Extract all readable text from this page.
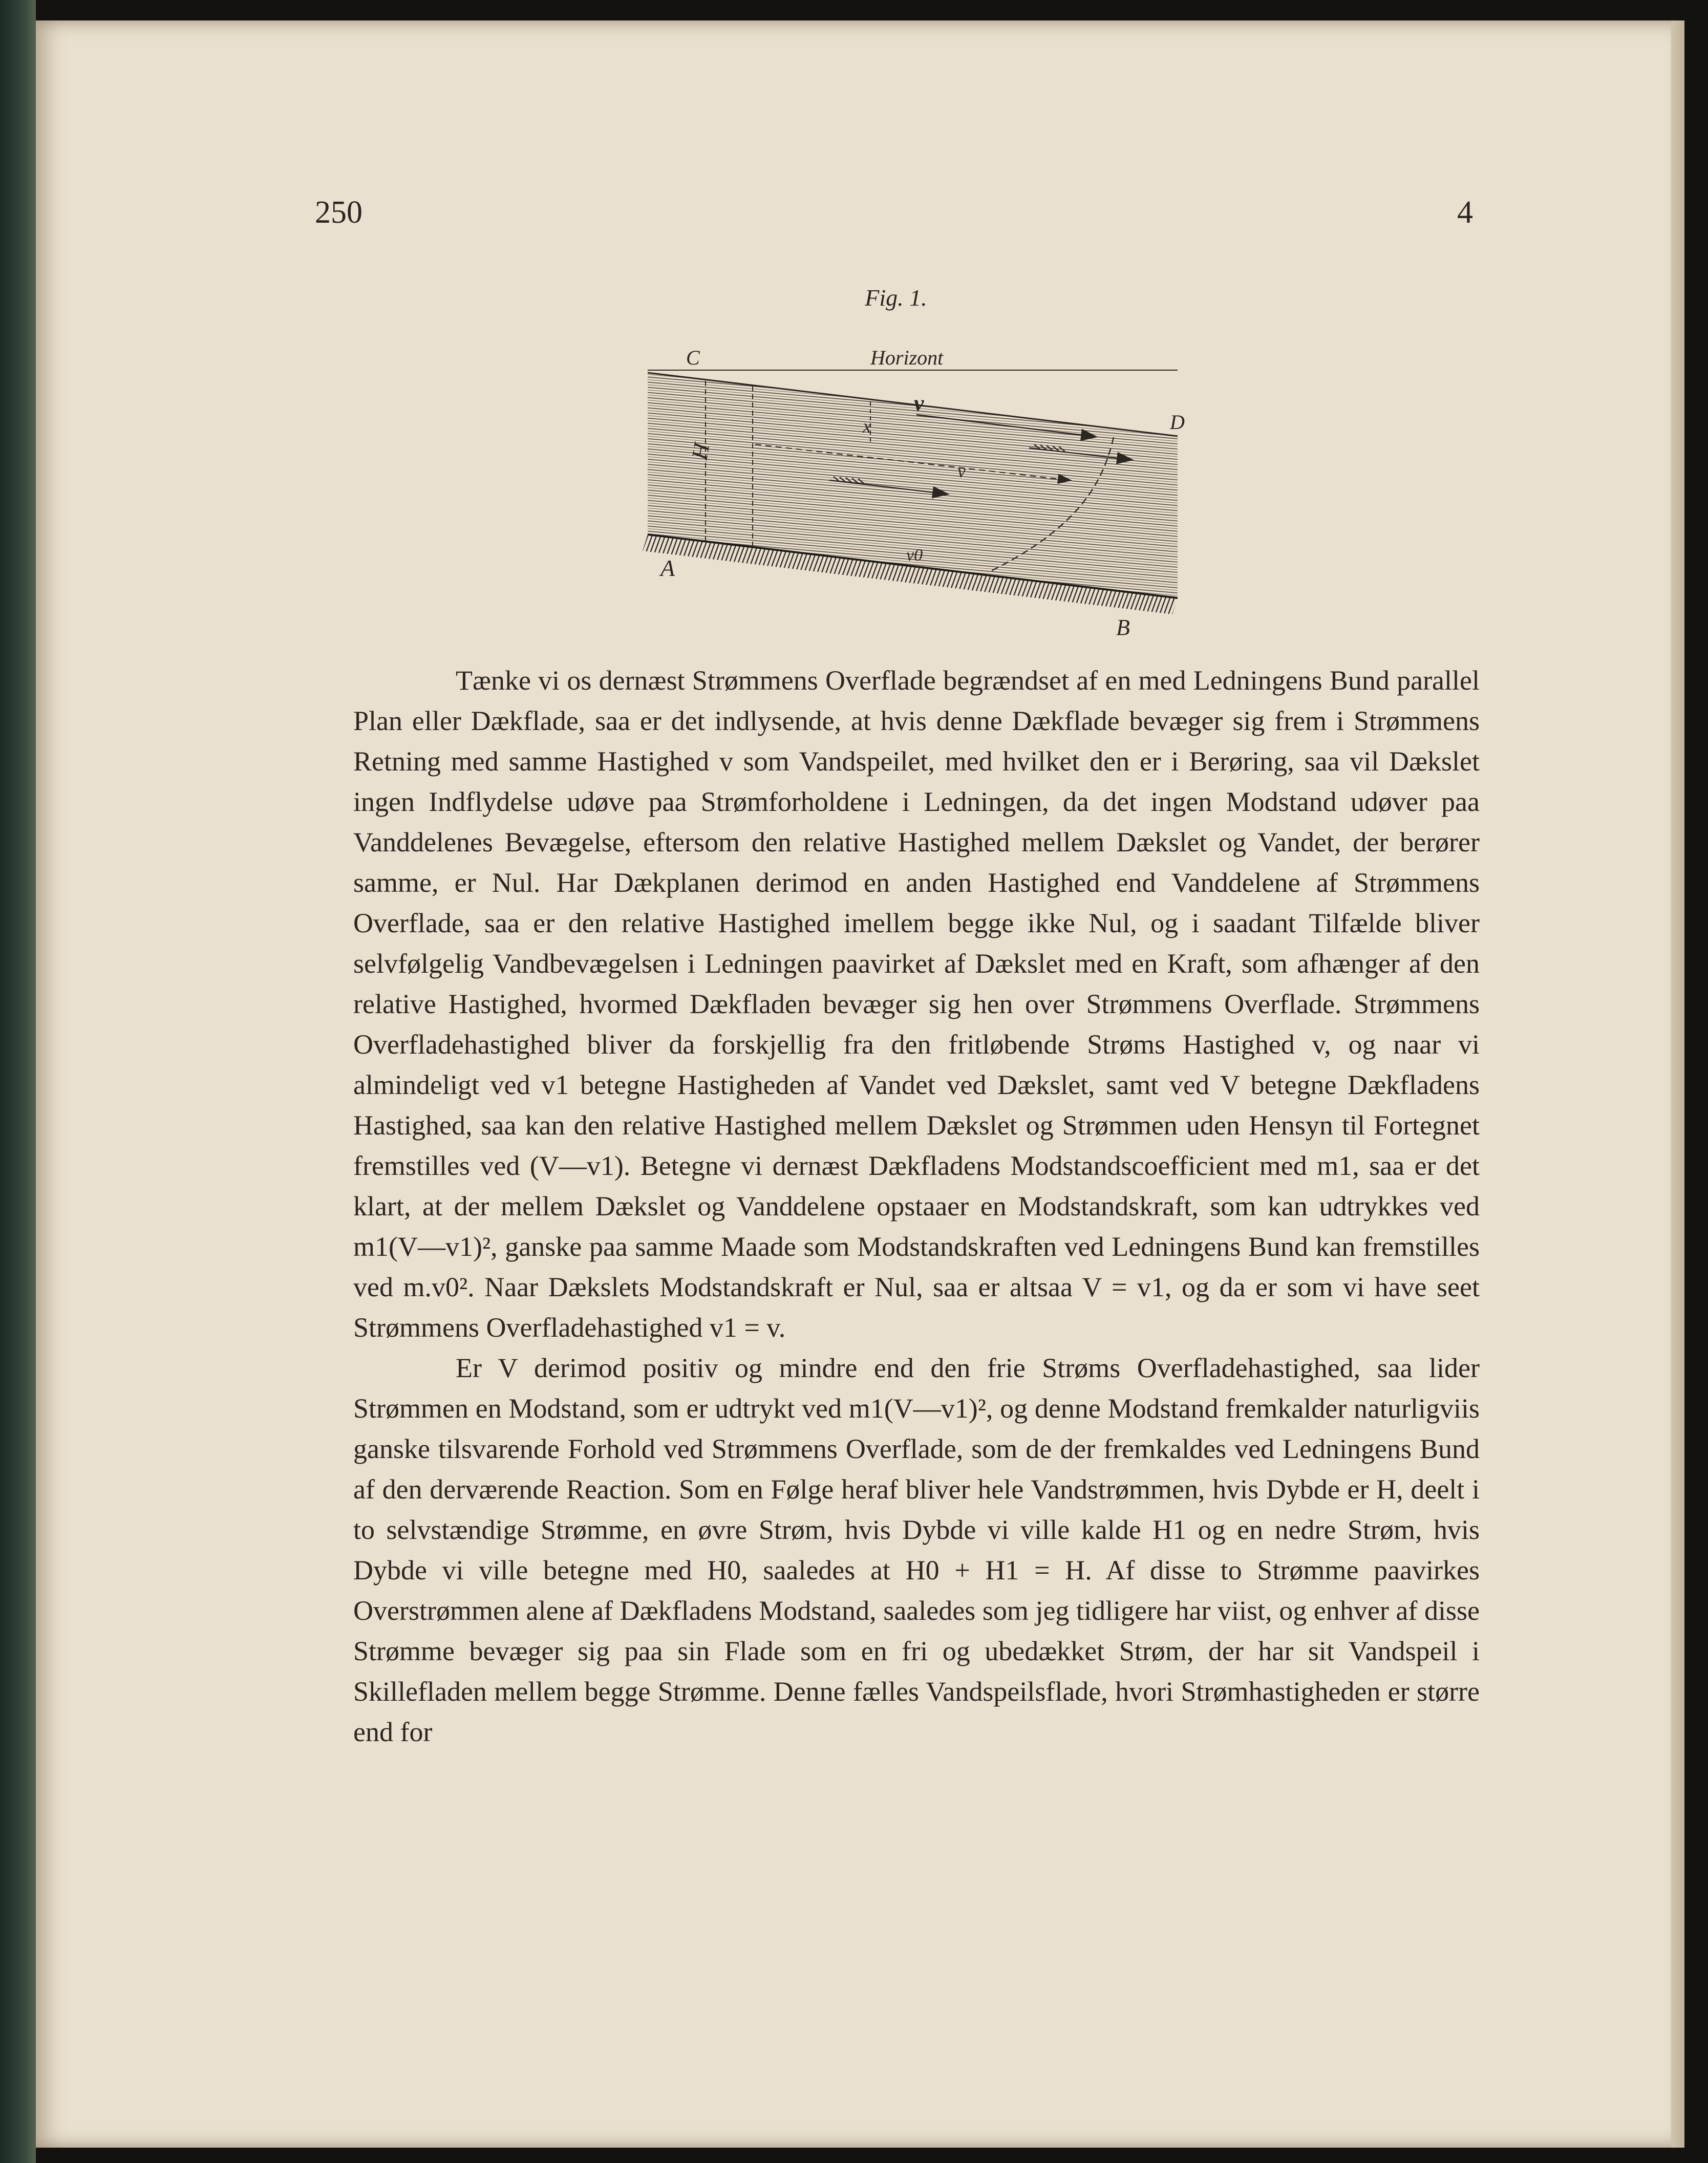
250	4
Fig. 1.
C	Horizont
D
A
B
H
x
v
v
v0

Tænke vi os dernæst Strømmens Overflade begrændset af en med Ledningens Bund parallel Plan eller Dækflade, saa er det indlysende, at hvis denne Dækflade bevæger sig frem i Strømmens Retning med samme Hastighed v som Vandspeilet, med hvilket den er i Berøring, saa vil Dækslet ingen Indflydelse udøve paa Strømforholdene i Ledningen, da det ingen Modstand udøver paa Vanddelenes Bevægelse, eftersom den relative Hastighed mellem Dækslet og Vandet, der berører samme, er Nul. Har Dækplanen derimod en anden Hastighed end Vanddelene af Strømmens Overflade, saa er den relative Hastighed imellem begge ikke Nul, og i saadant Tilfælde bliver selvfølgelig Vandbevægelsen i Ledningen paavirket af Dækslet med en Kraft, som afhænger af den relative Hastighed, hvormed Dækfladen bevæger sig hen over Strømmens Overflade. Strømmens Overfladehastighed bliver da forskjellig fra den fritløbende Strøms Hastighed v, og naar vi almindeligt ved v1 betegne Hastigheden af Vandet ved Dækslet, samt ved V betegne Dækfladens Hastighed, saa kan den relative Hastighed mellem Dækslet og Strømmen uden Hensyn til Fortegnet fremstilles ved (V—v1). Betegne vi dernæst Dækfladens Modstandscoefficient med m1, saa er det klart, at der mellem Dækslet og Vanddelene opstaaer en Modstandskraft, som kan udtrykkes ved m1(V—v1)², ganske paa samme Maade som Modstandskraften ved Ledningens Bund kan fremstilles ved m.v0². Naar Dækslets Modstandskraft er Nul, saa er altsaa V = v1, og da er som vi have seet Strømmens Overfladehastighed v1 = v.

Er V derimod positiv og mindre end den frie Strøms Overfladehastighed, saa lider Strømmen en Modstand, som er udtrykt ved m1(V—v1)², og denne Modstand fremkalder naturligviis ganske tilsvarende Forhold ved Strømmens Overflade, som de der fremkaldes ved Ledningens Bund af den derværende Reaction. Som en Følge heraf bliver hele Vandstrømmen, hvis Dybde er H, deelt i to selvstændige Strømme, en øvre Strøm, hvis Dybde vi ville kalde H1 og en nedre Strøm, hvis Dybde vi ville betegne med H0, saaledes at H0 + H1 = H. Af disse to Strømme paavirkes Overstrømmen alene af Dækfladens Modstand, saaledes som jeg tidligere har viist, og enhver af disse Strømme bevæger sig paa sin Flade som en fri og ubedækket Strøm, der har sit Vandspeil i Skillefladen mellem begge Strømme. Denne fælles Vandspeilsflade, hvori Strømhastigheden er større end for
